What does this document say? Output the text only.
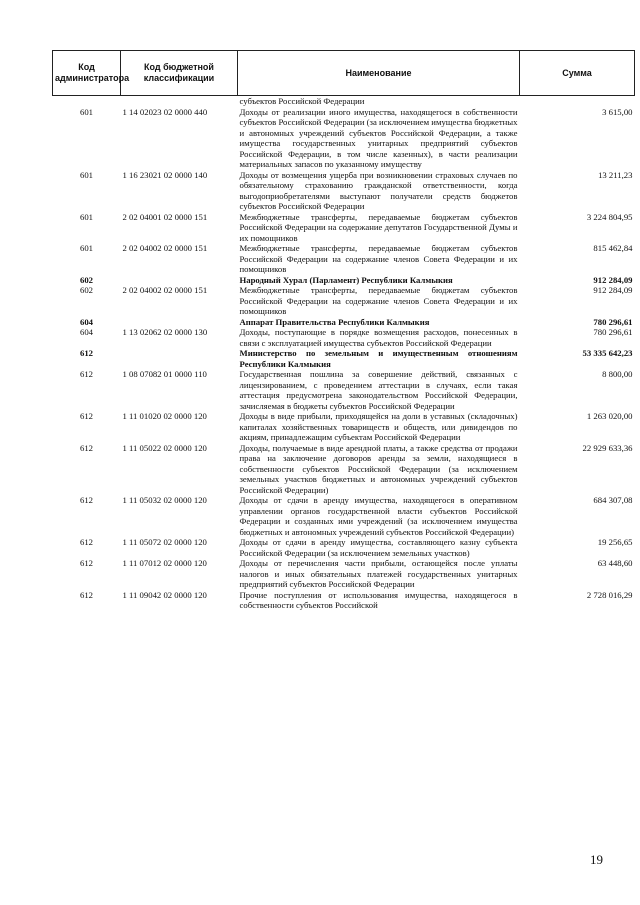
Код администратора	Код бюджетной классификации	Наименование	Сумма
		субъектов Российской Федерации	
601	1 14 02023 02 0000 440	Доходы от реализации иного имущества, находящегося в собственности субъектов Российской Федерации (за исключением имущества бюджетных и автономных учреждений субъектов Российской Федерации, а также имущества государственных унитарных предприятий субъектов Российской Федерации, в том числе казенных), в части реализации материальных запасов по указанному имуществу	3 615,00
601	1 16 23021 02 0000 140	Доходы от возмещения ущерба при возникновении страховых случаев по обязательному страхованию гражданской ответственности, когда выгодоприобретателями выступают получатели средств бюджетов субъектов Российской Федерации	13 211,23
601	2 02 04001 02 0000 151	Межбюджетные трансферты, передаваемые бюджетам субъектов Российской Федерации на содержание депутатов Государственной Думы и их помощников	3 224 804,95
601	2 02 04002 02 0000 151	Межбюджетные трансферты, передаваемые бюджетам субъектов Российской Федерации на содержание членов Совета Федерации и их помощников	815 462,84
602		Народный Хурал (Парламент) Республики Калмыкия	912 284,09
602	2 02 04002 02 0000 151	Межбюджетные трансферты, передаваемые бюджетам субъектов Российской Федерации на содержание членов Совета Федерации и их помощников	912 284,09
604		Аппарат Правительства Республики Калмыкия	780 296,61
604	1 13 02062 02 0000 130	Доходы, поступающие в порядке возмещения расходов, понесенных в связи с эксплуатацией имущества субъектов Российской Федерации	780 296,61
612		Министерство по земельным и имущественным отношениям Республики Калмыкия	53 335 642,23
612	1 08 07082 01 0000 110	Государственная пошлина за совершение действий, связанных с лицензированием, с проведением аттестации в случаях, если такая аттестация предусмотрена законодательством Российской Федерации, зачисляемая в бюджеты субъектов Российской Федерации	8 800,00
612	1 11 01020 02 0000 120	Доходы в виде прибыли, приходящейся на доли в уставных (складочных) капиталах хозяйственных товариществ и обществ, или дивидендов по акциям, принадлежащим субъектам Российской Федерации	1 263 020,00
612	1 11 05022 02 0000 120	Доходы, получаемые в виде арендной платы, а также средства от продажи права на заключение договоров аренды за земли, находящиеся в собственности субъектов Российской Федерации (за исключением земельных участков бюджетных и автономных учреждений субъектов Российской Федерации)	22 929 633,36
612	1 11 05032 02 0000 120	Доходы от сдачи в аренду имущества, находящегося в оперативном управлении органов государственной власти субъектов Российской Федерации и созданных ими учреждений (за исключением имущества бюджетных и автономных учреждений субъектов Российской Федерации)	684 307,08
612	1 11 05072 02 0000 120	Доходы от сдачи в аренду имущества, составляющего казну субъекта Российской Федерации (за исключением земельных участков)	19 256,65
612	1 11 07012 02 0000 120	Доходы от перечисления части прибыли, остающейся после уплаты налогов и иных обязательных платежей государственных унитарных предприятий субъектов Российской Федерации	63 448,60
612	1 11 09042 02 0000 120	Прочие поступления от использования имущества, находящегося в собственности субъектов Российской	2 728 016,29
19
